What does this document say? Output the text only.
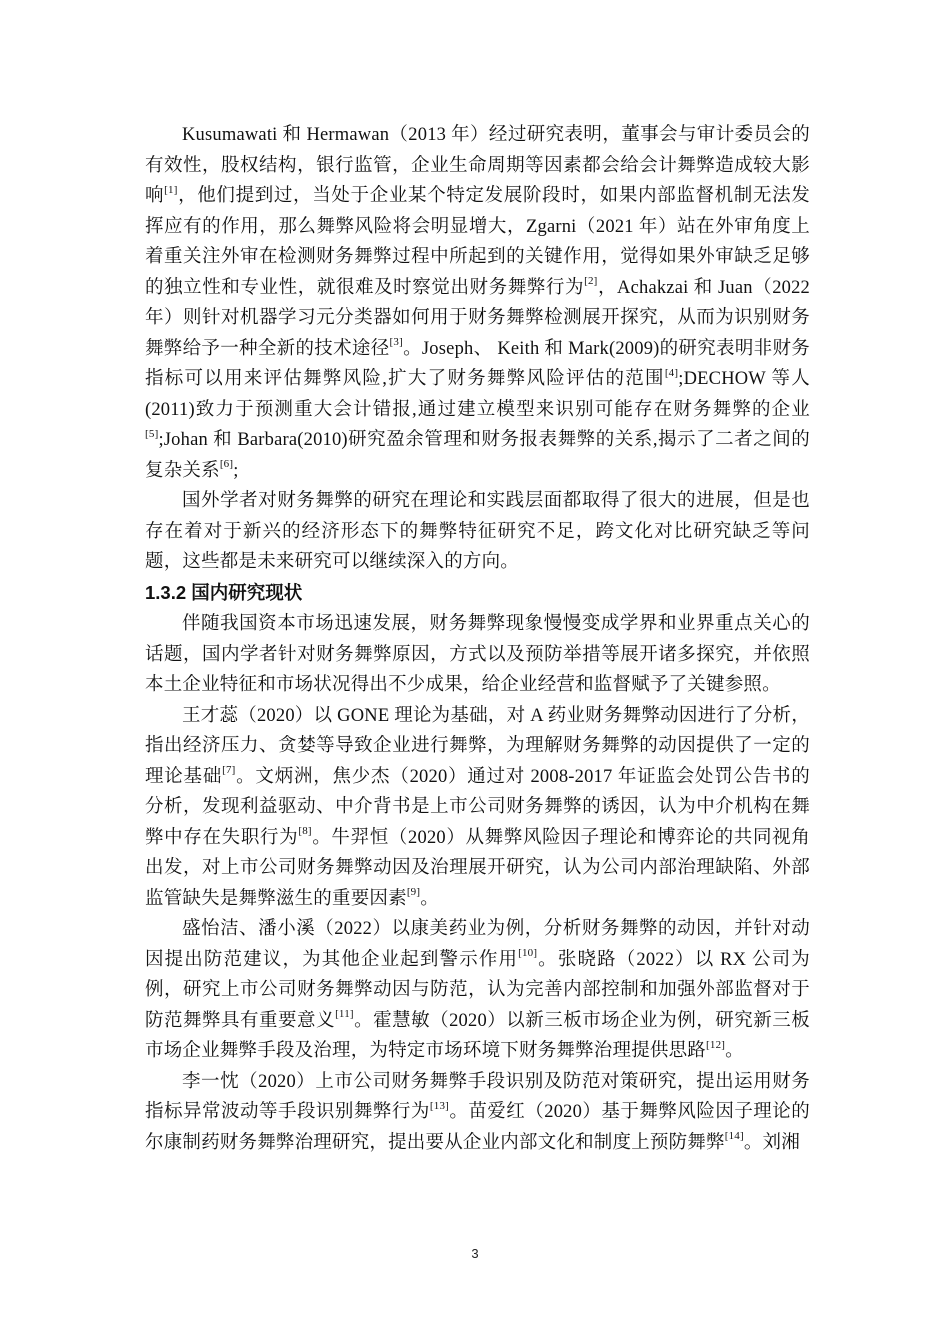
Kusumawati 和 Hermawan（2013 年）经过研究表明，董事会与审计委员会的有效性，股权结构，银行监管，企业生命周期等因素都会给会计舞弊造成较大影响[1]，他们提到过，当处于企业某个特定发展阶段时，如果内部监督机制无法发挥应有的作用，那么舞弊风险将会明显增大，Zgarni（2021 年）站在外审角度上着重关注外审在检测财务舞弊过程中所起到的关键作用，觉得如果外审缺乏足够的独立性和专业性，就很难及时察觉出财务舞弊行为[2]，Achakzai 和 Juan（2022 年）则针对机器学习元分类器如何用于财务舞弊检测展开探究，从而为识别财务舞弊给予一种全新的技术途径[3]。Joseph、 Keith 和 Mark(2009)的研究表明非财务指标可以用来评估舞弊风险,扩大了财务舞弊风险评估的范围[4];DECHOW 等人(2011)致力于预测重大会计错报,通过建立模型来识别可能存在财务舞弊的企业[5];Johan 和 Barbara(2010)研究盈余管理和财务报表舞弊的关系,揭示了二者之间的复杂关系[6];

国外学者对财务舞弊的研究在理论和实践层面都取得了很大的进展，但是也存在着对于新兴的经济形态下的舞弊特征研究不足，跨文化对比研究缺乏等问题，这些都是未来研究可以继续深入的方向。

1.3.2 国内研究现状

伴随我国资本市场迅速发展，财务舞弊现象慢慢变成学界和业界重点关心的话题，国内学者针对财务舞弊原因，方式以及预防举措等展开诸多探究，并依照本土企业特征和市场状况得出不少成果，给企业经营和监督赋予了关键参照。

王才蕊（2020）以 GONE 理论为基础，对 A 药业财务舞弊动因进行了分析，指出经济压力、贪婪等导致企业进行舞弊，为理解财务舞弊的动因提供了一定的理论基础[7]。文炳洲，焦少杰（2020）通过对 2008-2017 年证监会处罚公告书的分析，发现利益驱动、中介背书是上市公司财务舞弊的诱因，认为中介机构在舞弊中存在失职行为[8]。牛羿恒（2020）从舞弊风险因子理论和博弈论的共同视角出发，对上市公司财务舞弊动因及治理展开研究，认为公司内部治理缺陷、外部监管缺失是舞弊滋生的重要因素[9]。

盛怡洁、潘小溪（2022）以康美药业为例，分析财务舞弊的动因，并针对动因提出防范建议，为其他企业起到警示作用[10]。张晓路（2022）以 RX 公司为例，研究上市公司财务舞弊动因与防范，认为完善内部控制和加强外部监督对于防范舞弊具有重要意义[11]。霍慧敏（2020）以新三板市场企业为例，研究新三板市场企业舞弊手段及治理，为特定市场环境下财务舞弊治理提供思路[12]。

李一忱（2020）上市公司财务舞弊手段识别及防范对策研究，提出运用财务指标异常波动等手段识别舞弊行为[13]。苗爱红（2020）基于舞弊风险因子理论的尔康制药财务舞弊治理研究，提出要从企业内部文化和制度上预防舞弊[14]。刘湘

3
